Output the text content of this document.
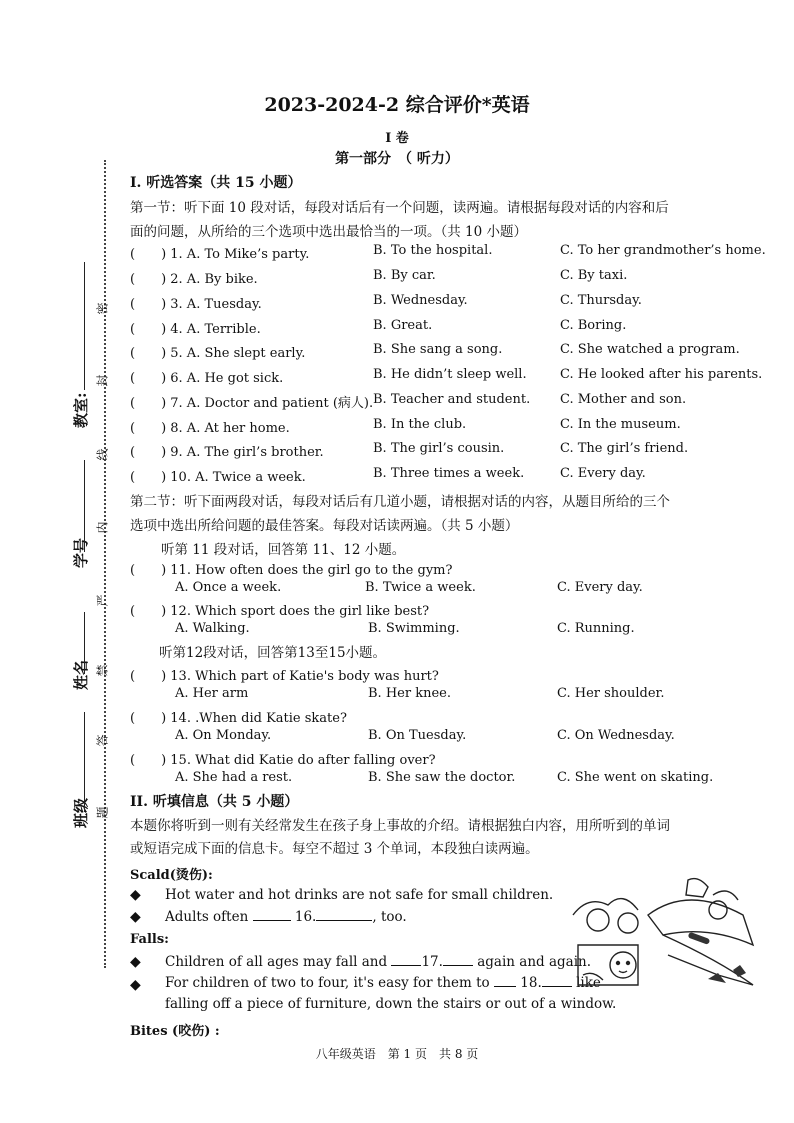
2023-2024-2 综合评价*英语
I 卷
第一部分　（ 听力）
密
封
线
内
严
禁
答
题
教室:
学号
姓名
班级
I. 听选答案（共 15 小题）
第一节：听下面 10 段对话，每段对话后有一个问题，读两遍。请根据每段对话的内容和后
面的问题，从所给的三个选项中选出最恰当的一项。（共 10 小题）
(　　) 1. A. To Mike’s party.	B. To the hospital.	C. To her grandmother’s home.
(　　) 2. A. By bike.	B. By car.	C. By taxi.
(　　) 3. A. Tuesday.	B. Wednesday.	C. Thursday.
(　　) 4. A. Terrible.	B. Great.	C. Boring.
(　　) 5. A. She slept early.	B. She sang a song.	C. She watched a program.
(　　) 6. A. He got sick.	B. He didn’t sleep well.	C. He looked after his parents.
(　　) 7. A. Doctor and patient (病人). B. Teacher and student. C. Mother and son.
(　　) 8. A. At her home.	B. In the club.	C. In the museum.
(　　) 9. A. The girl’s brother.	B. The girl’s cousin.	C. The girl’s friend.
(　　) 10. A. Twice a week.	B. Three times a week.	C. Every day.
第二节：听下面两段对话，每段对话后有几道小题，请根据对话的内容，从题目所给的三个
选项中选出所给问题的最佳答案。每段对话读两遍。（共 5 小题）
听第 11 段对话，回答第 11、12 小题。
(　　) 11. How often does the girl go to the gym?
A. Once a week.	B. Twice a week.	C. Every day.
(　　) 12. Which sport does the girl like best?
A. Walking.	B. Swimming.	C. Running.
听第12段对话，回答第13至15小题。
(　　) 13. Which part of Katie's body was hurt?
A. Her arm	B. Her knee.	C. Her shoulder.
(　　) 14. .When did Katie skate?
A. On Monday.	B. On Tuesday.	C. On Wednesday.
(　　) 15. What did Katie do after falling over?
A. She had a rest.	B. She saw the doctor.	C. She went on skating.
II. 听填信息（共 5 小题）
本题你将听到一则有关经常发生在孩子身上事故的介绍。请根据独白内容，用所听到的单词
或短语完成下面的信息卡。每空不超过 3 个单词，本段独白读两遍。
Scald(烫伤):
◆ Hot water and hot drinks are not safe for small children.
◆ Adults often	16.	, too.
Falls:
◆ Children of all ages may fall and	17.	again and again.
◆ For children of two to four, it's easy for them to 18.	like
falling off a piece of furniture, down the stairs or out of a window.
Bites (咬伤) :
八年级英语　第 1 页　共 8 页
